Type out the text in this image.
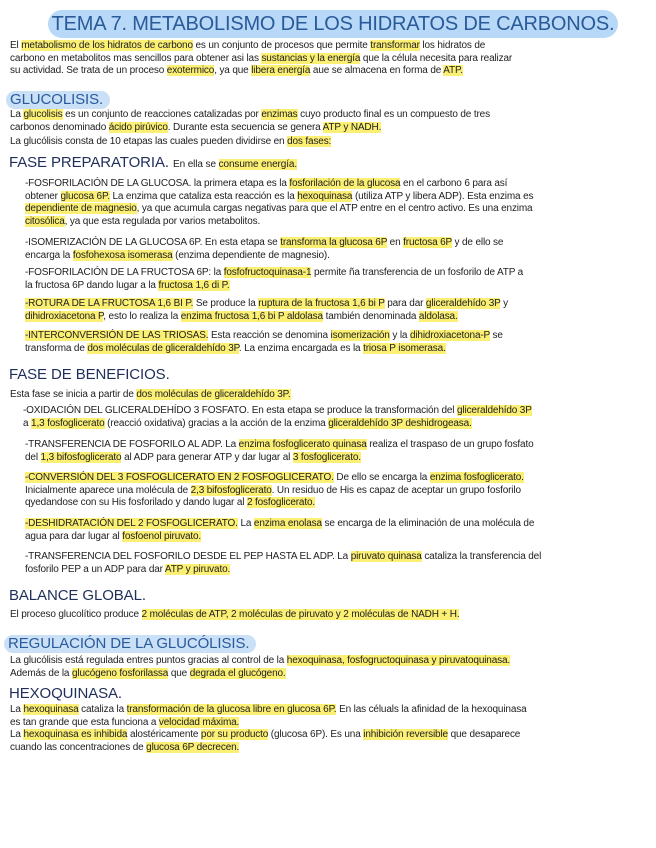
TEMA 7. METABOLISMO DE LOS HIDRATOS DE CARBONOS.
El metabolismo de los hidratos de carbono es un conjunto de procesos que permite transformar los hidratos de
carbono en metabolitos mas sencillos para obtener asi las sustancias y la energía que la célula necesita para realizar
su actividad. Se trata de un proceso exotermico, ya que libera energía aue se almacena en forma de ATP.
GLUCOLISIS.
La glucolisis es un conjunto de reacciones catalizadas por enzimas cuyo producto final es un compuesto de tres
carbonos denominado ácido pirúvico. Durante esta secuencia se genera ATP y NADH.
La glucólisis consta de 10 etapas las cuales pueden dividirse en dos fases:
FASE PREPARATORIA. En ella se consume energía.
-FOSFORILACIÓN DE LA GLUCOSA. la primera etapa es la fosforilación de la glucosa en el carbono 6 para así
obtener glucosa 6P. La enzima que cataliza esta reacción es la hexoquinasa (utiliza ATP y libera ADP). Esta enzima es
dependiente de magnesio, ya que acumula cargas negativas para que el ATP entre en el centro activo. Es una enzima
citosólica, ya que esta regulada por varios metabolitos.
-ISOMERIZACIÓN DE LA GLUCOSA 6P. En esta etapa se transforma la glucosa 6P en fructosa 6P y de ello se
encarga la fosfohexosa isomerasa (enzima dependiente de magnesio).
-FOSFORILACIÓN DE LA FRUCTOSA 6P: la fosfofructoquinasa-1 permite ña transferencia de un fosforilo de ATP a
la fructosa 6P dando lugar a la fructosa 1,6 di P.
-ROTURA DE LA FRUCTOSA 1,6 BI P. Se produce la ruptura de la fructosa 1,6 bi P para dar gliceraldehído 3P y
dihidroxiacetona P, esto lo realiza la enzima fructosa 1,6 bi P aldolasa también denominada aldolasa.
-INTERCONVERSIÓN DE LAS TRIOSAS. Esta reacción se denomina isomerización y la dihidroxiacetona-P se
transforma de dos moléculas de gliceraldehído 3P. La enzima encargada es la triosa P isomerasa.
FASE DE BENEFICIOS.
Esta fase se inicia a partir de dos moléculas de gliceraldehído 3P.
-OXIDACIÓN DEL GLICERALDEHÍDO 3 FOSFATO. En esta etapa se produce la transformación del gliceraldehído 3P
a 1,3 fosfoglicerato (reacció oxidativa) gracias a la acción de la enzima gliceraldehído 3P deshidrogeasa.
-TRANSFERENCIA DE FOSFORILO AL ADP. La enzima fosfoglicerato quinasa realiza el traspaso de un grupo fosfato
del 1,3 bifosfoglicerato al ADP para generar ATP y dar lugar al 3 fosfoglicerato.
-CONVERSIÓN DEL 3 FOSFOGLICERATO EN 2 FOSFOGLICERATO. De ello se encarga la enzima fosfoglicerato.
Inicialmente aparece una molécula de 2,3 bifosfoglicerato. Un residuo de His es capaz de aceptar un grupo fosforilo
qyedandose con su His fosforilado y dando lugar al 2 fosfoglicerato.
-DESHIDRATACIÓN DEL 2 FOSFOGLICERATO. La enzima enolasa se encarga de la eliminación de una molécula de
agua para dar lugar al fosfoenol piruvato.
-TRANSFERENCIA DEL FOSFORILO DESDE EL PEP HASTA EL ADP. La piruvato quinasa cataliza la transferencia del
fosforilo PEP a un ADP para dar ATP y piruvato.
BALANCE GLOBAL.
El proceso glucolítico produce 2 moléculas de ATP, 2 moléculas de piruvato y 2 moléculas de NADH + H.
REGULACIÓN DE LA GLUCÓLISIS.
La glucólisis está regulada entres puntos gracias al control de la hexoquinasa, fosfogructoquinasa y piruvatoquinasa.
Además de la glucógeno fosforilassa que degrada el glucógeno.
HEXOQUINASA.
La hexoquinasa cataliza la transformación de la glucosa libre en glucosa 6P. En las céluals la afinidad de la hexoquinasa
es tan grande que esta funciona a velocidad máxima.
La hexoquinasa es inhibida alostéricamente por su producto (glucosa 6P). Es una inhibición reversible que desaparece
cuando las concentraciones de glucosa 6P decrecen.
